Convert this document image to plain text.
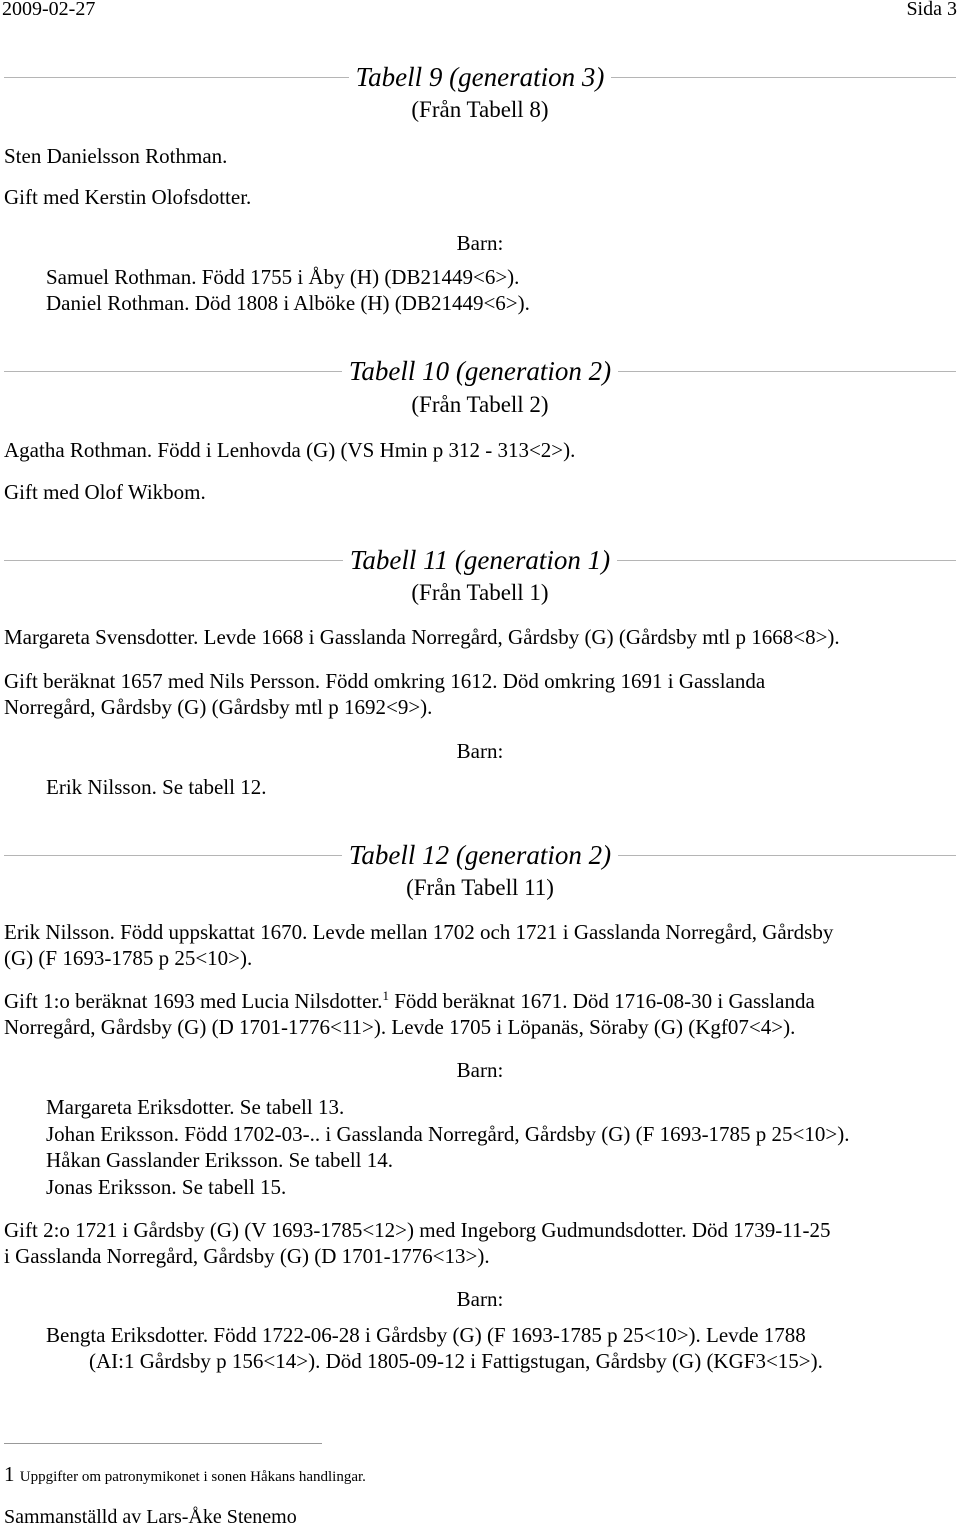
2009-02-27	Sida 3
Tabell 9 (generation 3)
(Från Tabell 8)
Sten Danielsson Rothman.
Gift med Kerstin Olofsdotter.
Barn:
Samuel Rothman. Född 1755 i Åby (H) (DB21449<6>).
Daniel Rothman. Död 1808 i Alböke (H) (DB21449<6>).
Tabell 10 (generation 2)
(Från Tabell 2)
Agatha Rothman. Född i Lenhovda (G) (VS Hmin p 312 - 313<2>).
Gift med Olof Wikbom.
Tabell 11 (generation 1)
(Från Tabell 1)
Margareta Svensdotter. Levde 1668 i Gasslanda Norregård, Gårdsby (G) (Gårdsby mtl p 1668<8>).
Gift beräknat 1657 med Nils Persson. Född omkring 1612. Död omkring 1691 i Gasslanda
Norregård, Gårdsby (G) (Gårdsby mtl p 1692<9>).
Barn:
Erik Nilsson. Se tabell 12.
Tabell 12 (generation 2)
(Från Tabell 11)
Erik Nilsson. Född uppskattat 1670. Levde mellan 1702 och 1721 i Gasslanda Norregård, Gårdsby
(G) (F 1693-1785 p 25<10>).
Gift 1:o beräknat 1693 med Lucia Nilsdotter.$^1$ Född beräknat 1671. Död 1716-08-30 i Gasslanda
Norregård, Gårdsby (G) (D 1701-1776<11>). Levde 1705 i Löpanäs, Söraby (G) (Kgf07<4>).
Barn:
Margareta Eriksdotter. Se tabell 13.
Johan Eriksson. Född 1702-03-.. i Gasslanda Norregård, Gårdsby (G) (F 1693-1785 p 25<10>).
Håkan Gasslander Eriksson. Se tabell 14.
Jonas Eriksson. Se tabell 15.
Gift 2:o 1721 i Gårdsby (G) (V 1693-1785<12>) med Ingeborg Gudmundsdotter. Död 1739-11-25
i Gasslanda Norregård, Gårdsby (G) (D 1701-1776<13>).
Barn:
Bengta Eriksdotter. Född 1722-06-28 i Gårdsby (G) (F 1693-1785 p 25<10>). Levde 1788
(AI:1 Gårdsby p 156<14>). Död 1805-09-12 i Fattigstugan, Gårdsby (G) (KGF3<15>).
1 Uppgifter om patronymikonet i sonen Håkans handlingar.
Sammanställd av Lars-Åke Stenemo
